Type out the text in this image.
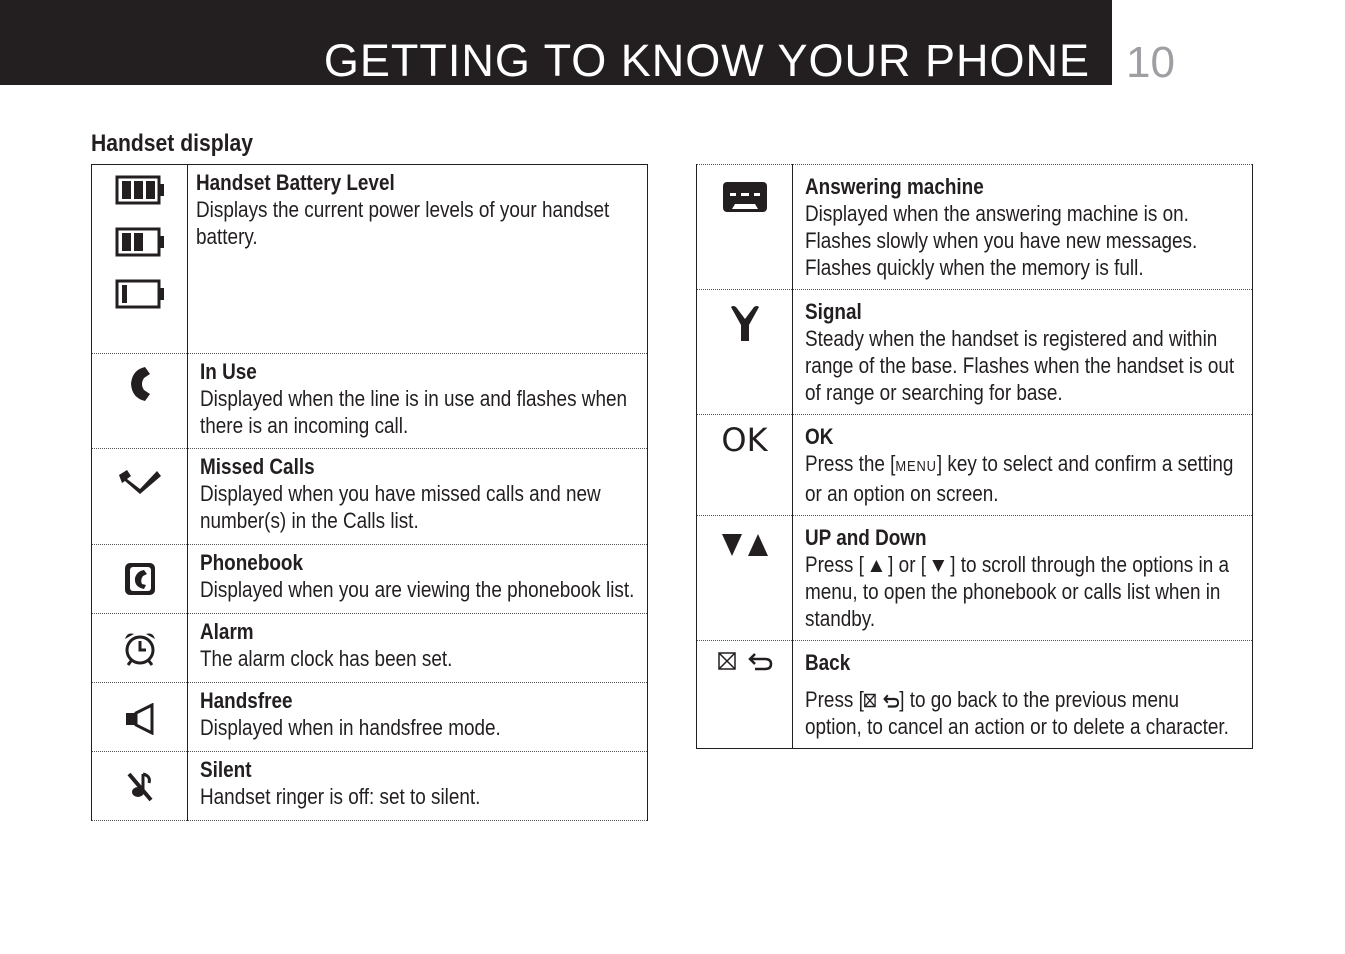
GETTING TO KNOW YOUR PHONE 10
Handset display

Handset Battery Level
Displays the current power levels of your handset battery.

In Use
Displayed when the line is in use and flashes when there is an incoming call.

Missed Calls
Displayed when you have missed calls and new number(s) in the Calls list.

Phonebook
Displayed when you are viewing the phonebook list.

Alarm
The alarm clock has been set.

Handsfree
Displayed when in handsfree mode.

Silent
Handset ringer is off: set to silent.

Answering machine
Displayed when the answering machine is on. Flashes slowly when you have new messages. Flashes quickly when the memory is full.

Signal
Steady when the handset is registered and within range of the base. Flashes when the handset is out of range or searching for base.

OK	OK
Press the [MENU] key to select and confirm a setting or an option on screen.

UP and Down
Press [  ] or [  ] to scroll through the options in a menu, to open the phonebook or calls list when in standby.

Back
Press [ ] to go back to the previous menu option, to cancel an action or to delete a character.
